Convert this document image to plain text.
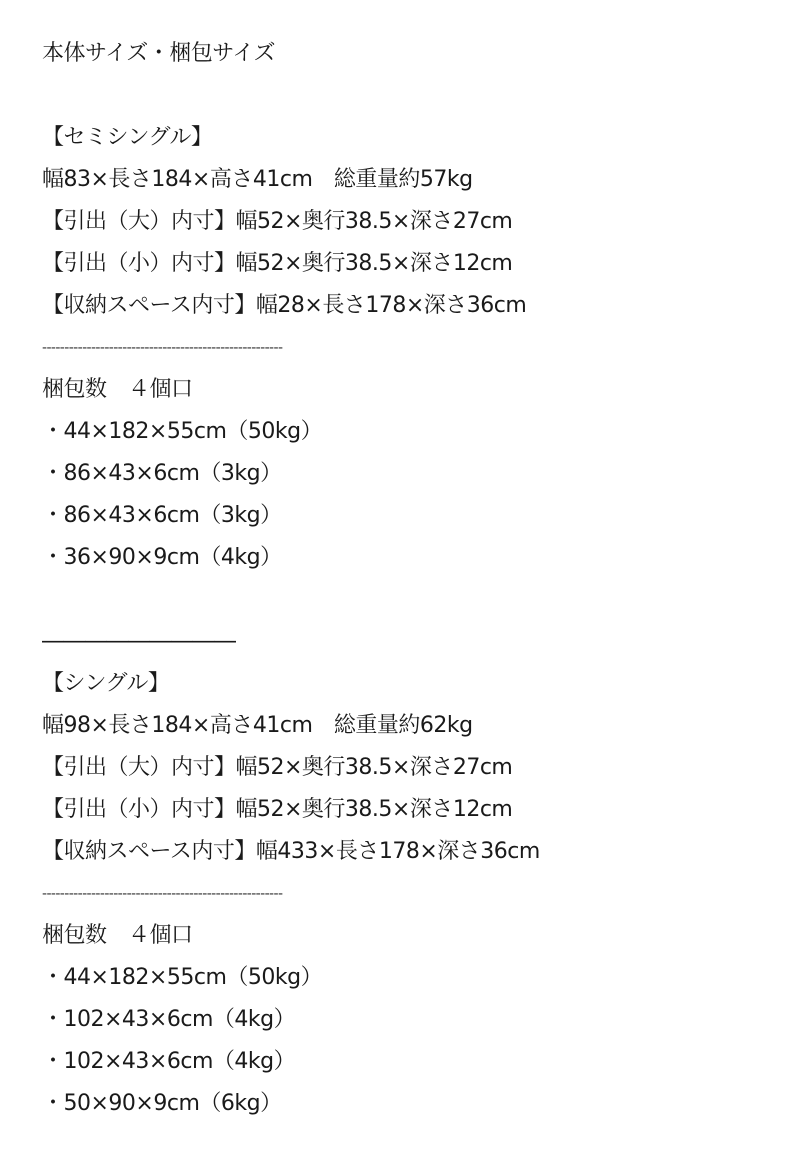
本体サイズ・梱包サイズ
【セミシングル】
幅83×長さ184×高さ41cm　総重量約57kg
【引出（大）内寸】幅52×奥行38.5×深さ27cm
【引出（小）内寸】幅52×奥行38.5×深さ12cm
【収納スペース内寸】幅28×長さ178×深さ36cm
------------------------------------------------------
梱包数　４個口
・44×182×55cm（50kg）
・86×43×6cm（3kg）
・86×43×6cm（3kg）
・36×90×9cm（4kg）
―――――――――
【シングル】
幅98×長さ184×高さ41cm　総重量約62kg
【引出（大）内寸】幅52×奥行38.5×深さ27cm
【引出（小）内寸】幅52×奥行38.5×深さ12cm
【収納スペース内寸】幅433×長さ178×深さ36cm
------------------------------------------------------
梱包数　４個口
・44×182×55cm（50kg）
・102×43×6cm（4kg）
・102×43×6cm（4kg）
・50×90×9cm（6kg）
